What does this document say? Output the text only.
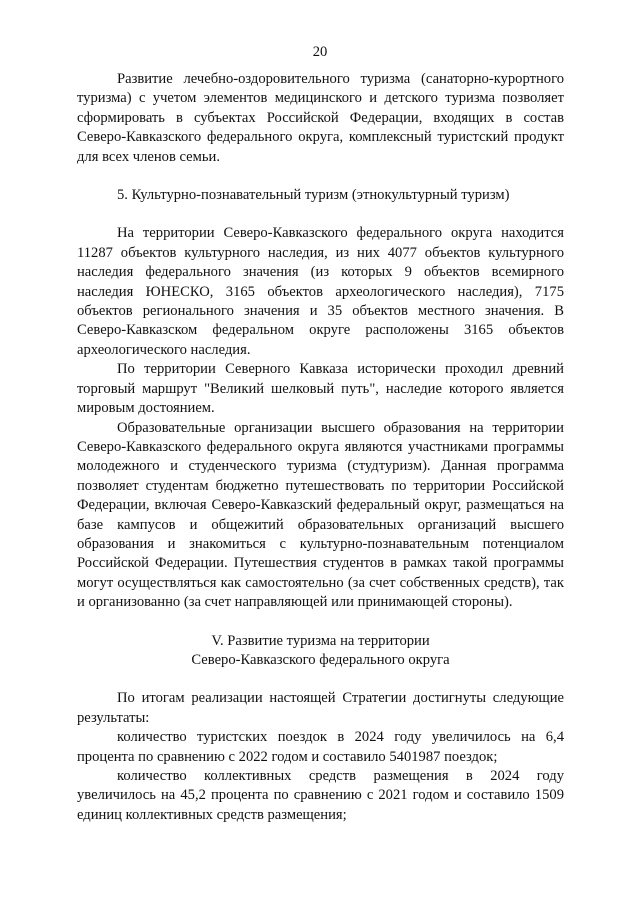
20

Развитие лечебно-оздоровительного туризма (санаторно-курортного туризма) с учетом элементов медицинского и детского туризма позволяет сформировать в субъектах Российской Федерации, входящих в состав Северо-Кавказского федерального округа, комплексный туристский продукт для всех членов семьи.

5. Культурно-познавательный туризм (этнокультурный туризм)

На территории Северо-Кавказского федерального округа находится 11287 объектов культурного наследия, из них 4077 объектов культурного наследия федерального значения (из которых 9 объектов всемирного наследия ЮНЕСКО, 3165 объектов археологического наследия), 7175 объектов регионального значения и 35 объектов местного значения. В Северо-Кавказском федеральном округе расположены 3165 объектов археологического наследия.

По территории Северного Кавказа исторически проходил древний торговый маршрут "Великий шелковый путь", наследие которого является мировым достоянием.

Образовательные организации высшего образования на территории Северо-Кавказского федерального округа являются участниками программы молодежного и студенческого туризма (студтуризм). Данная программа позволяет студентам бюджетно путешествовать по территории Российской Федерации, включая Северо-Кавказский федеральный округ, размещаться на базе кампусов и общежитий образовательных организаций высшего образования и знакомиться с культурно-познавательным потенциалом Российской Федерации. Путешествия студентов в рамках такой программы могут осуществляться как самостоятельно (за счет собственных средств), так и организованно (за счет направляющей или принимающей стороны).

V. Развитие туризма на территории

Северо-Кавказского федерального округа

По итогам реализации настоящей Стратегии достигнуты следующие результаты:

количество туристских поездок в 2024 году увеличилось на 6,4 процента по сравнению с 2022 годом и составило 5401987 поездок;

количество коллективных средств размещения в 2024 году увеличилось на 45,2 процента по сравнению с 2021 годом и составило 1509 единиц коллективных средств размещения;
